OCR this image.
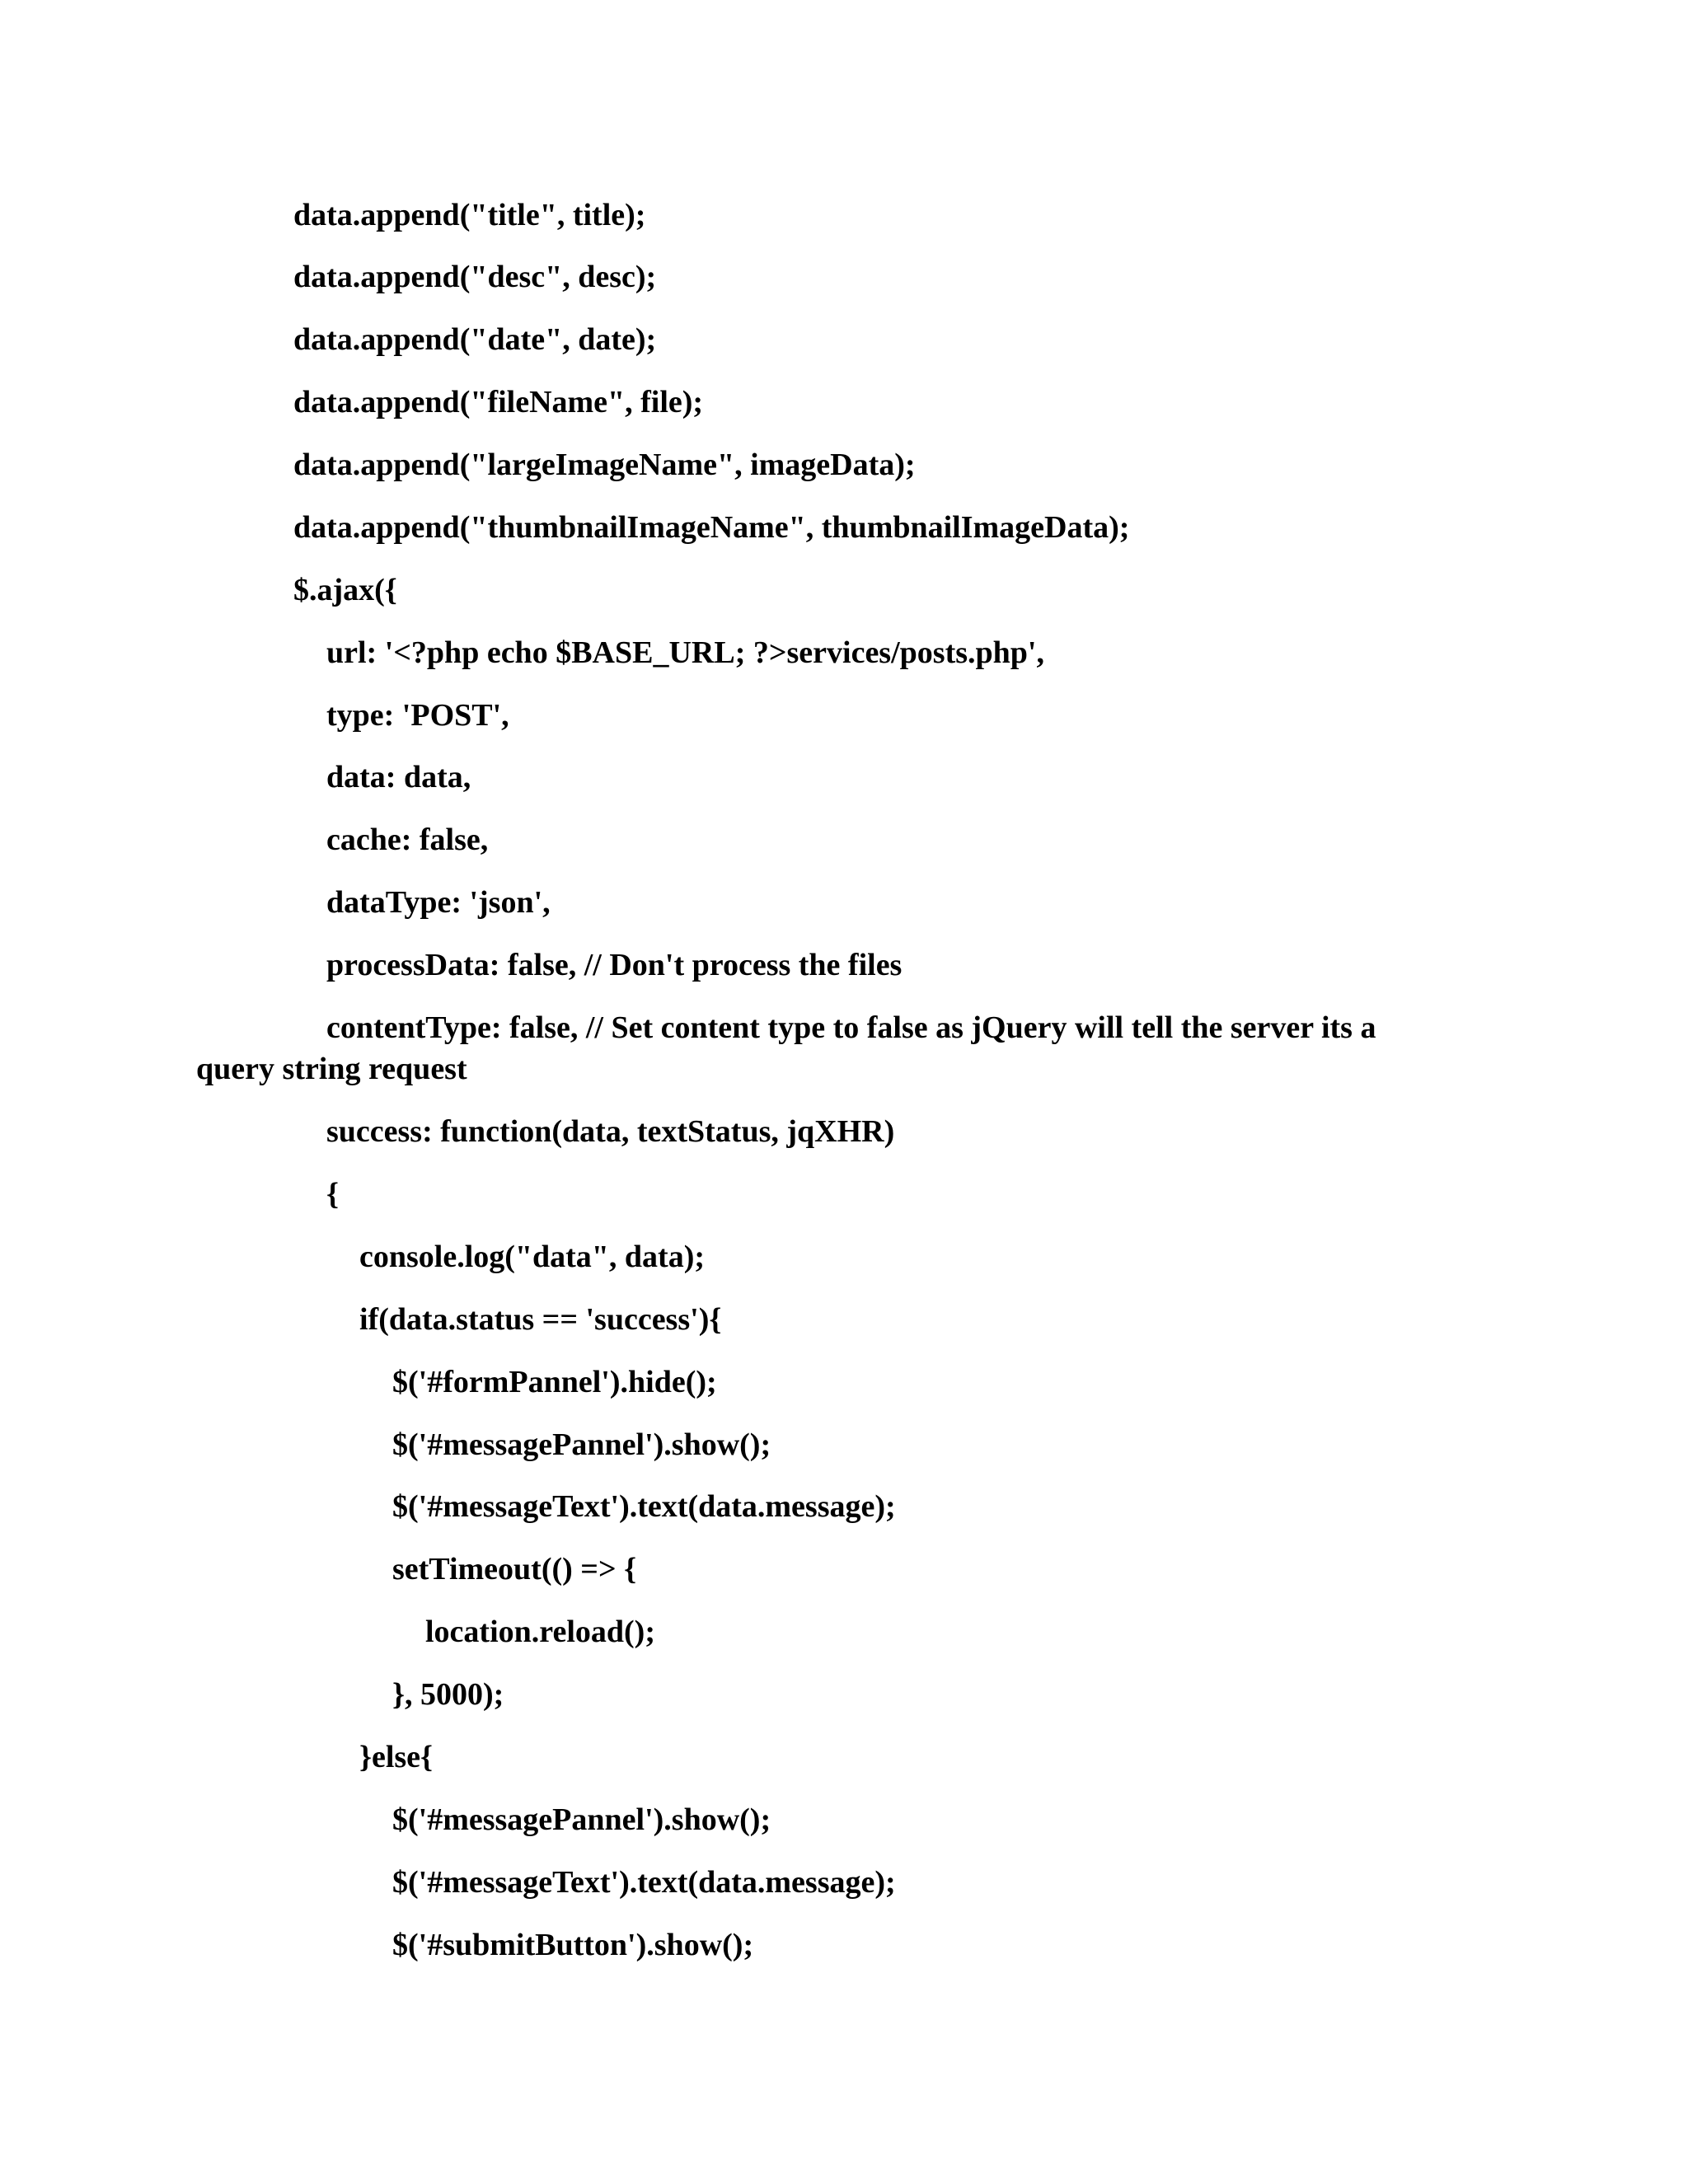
data.append("title", title);

data.append("desc", desc);

data.append("date", date);

data.append("fileName", file);

data.append("largeImageName", imageData);

data.append("thumbnailImageName", thumbnailImageData);

$.ajax({

url: '<?php echo $BASE_URL; ?>services/posts.php',

type: 'POST',

data: data,

cache: false,

dataType: 'json',

processData: false, // Don't process the files

contentType: false, // Set content type to false as jQuery will tell the server its a

query string request

success: function(data, textStatus, jqXHR)

{

console.log("data", data);

if(data.status == 'success'){

$('#formPannel').hide();

$('#messagePannel').show();

$('#messageText').text(data.message);

setTimeout(() => {

location.reload();

}, 5000);

}else{

$('#messagePannel').show();

$('#messageText').text(data.message);

$('#submitButton').show();
